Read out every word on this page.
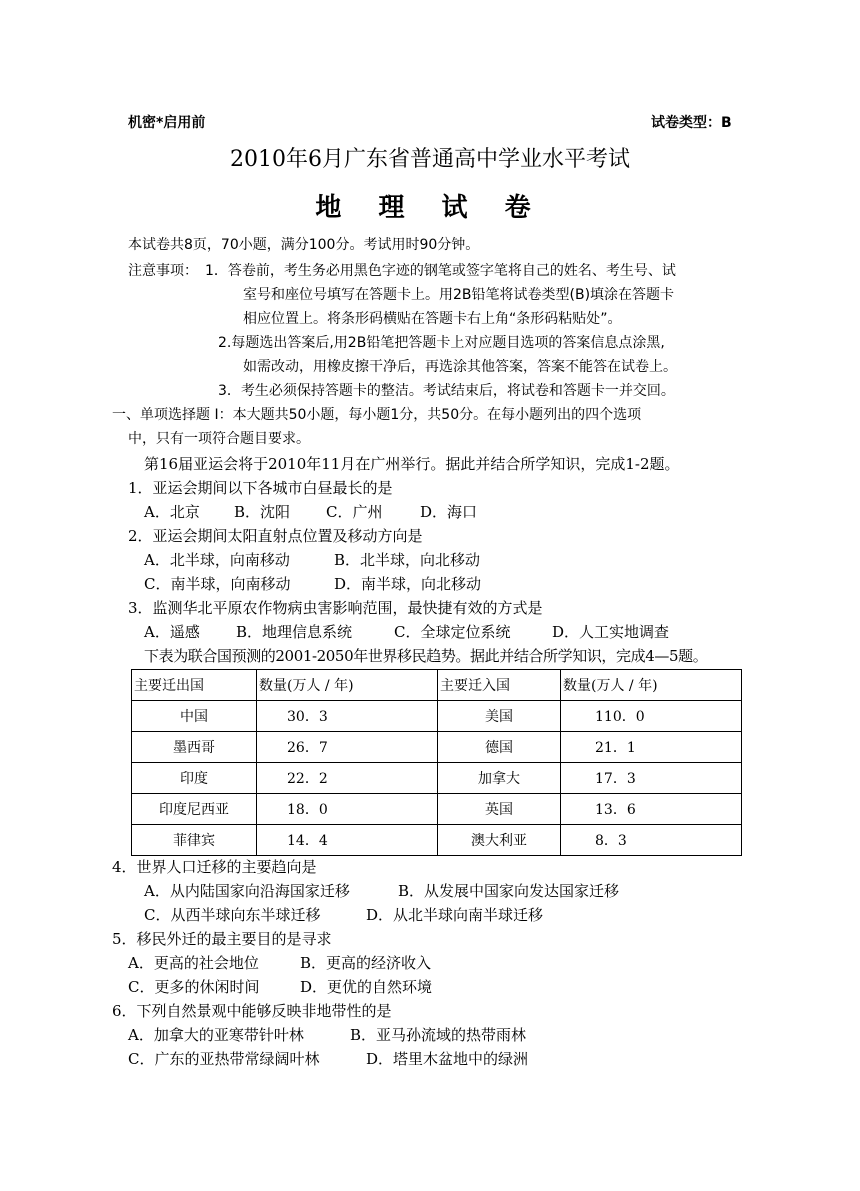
机密*启用前	试卷类型：B
2010年6月广东省普通高中学业水平考试
地 理 试 卷
本试卷共8页，70小题，满分100分。考试用时90分钟。
注意事项： 1．答卷前，考生务必用黑色字迹的钢笔或签字笔将自己的姓名、考生号、试
室号和座位号填写在答题卡上。用2B铅笔将试卷类型(B)填涂在答题卡
相应位置上。将条形码横贴在答题卡右上角“条形码粘贴处”。
2.每题选出答案后,用2B铅笔把答题卡上对应题目选项的答案信息点涂黑,
如需改动，用橡皮擦干净后，再选涂其他答案，答案不能答在试卷上。
3．考生必须保持答题卡的整洁。考试结束后，将试卷和答题卡一并交回。
一、单项选择题 I：本大题共50小题，每小题1分，共50分。在每小题列出的四个选项
中，只有一项符合题目要求。
第16届亚运会将于2010年11月在广州举行。据此并结合所学知识，完成1-2题。
1．亚运会期间以下各城市白昼最长的是
A．北京 B．沈阳 C．广州	D．海口
2．亚运会期间太阳直射点位置及移动方向是
A．北半球，向南移动	B．北半球，向北移动
C．南半球，向南移动	D．南半球，向北移动
3．监测华北平原农作物病虫害影响范围，最快捷有效的方式是
A．遥感 B．地理信息系统	C．全球定位系统	D．人工实地调查
下表为联合国预测的2001-2050年世界移民趋势。据此并结合所学知识，完成4—5题。
主要迁出国	数量(万人 / 年)	主要迁入国	数量(万人 / 年)
中国	30．3	美国	110．0
墨西哥	26．7	德国	21．1
印度	22．2	加拿大	17．3
印度尼西亚	18．0	英国	13．6
菲律宾	14．4	澳大利亚	8．3
4．世界人口迁移的主要趋向是
A．从内陆国家向沿海国家迁移	B．从发展中国家向发达国家迁移
C．从西半球向东半球迁移	D．从北半球向南半球迁移
5．移民外迁的最主要目的是寻求
A．更高的社会地位	B．更高的经济收入
C．更多的休闲时间	D．更优的自然环境
6．下列自然景观中能够反映非地带性的是
A．加拿大的亚寒带针叶林	B．亚马孙流域的热带雨林
C．广东的亚热带常绿阔叶林	D．塔里木盆地中的绿洲
